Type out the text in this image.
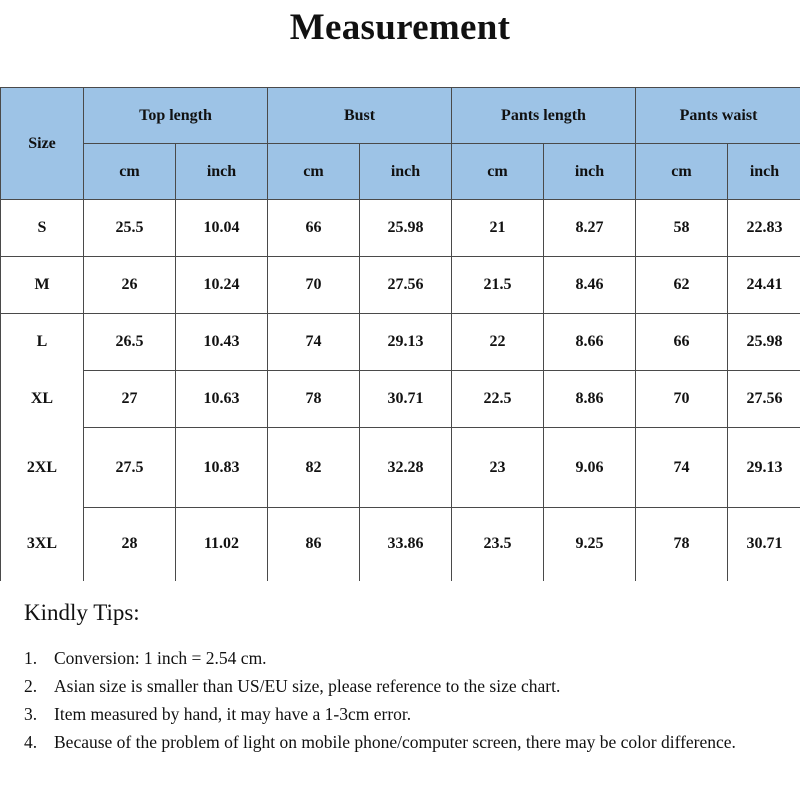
Measurement
Size	Top length		Bust		Pants length		Pants waist	
	cm	inch	cm	inch	cm	inch	cm	inch
S	25.5	10.04	66	25.98	21	8.27	58	22.83
M	26	10.24	70	27.56	21.5	8.46	62	24.41
L	26.5	10.43	74	29.13	22	8.66	66	25.98
XL	27	10.63	78	30.71	22.5	8.86	70	27.56
2XL	27.5	10.83	82	32.28	23	9.06	74	29.13
3XL	28	11.02	86	33.86	23.5	9.25	78	30.71
Kindly Tips:
1. Conversion: 1 inch = 2.54 cm.
2. Asian size is smaller than US/EU size, please reference to the size chart.
3. Item measured by hand, it may have a 1-3cm error.
4. Because of the problem of light on mobile phone/computer screen, there may be color difference.
